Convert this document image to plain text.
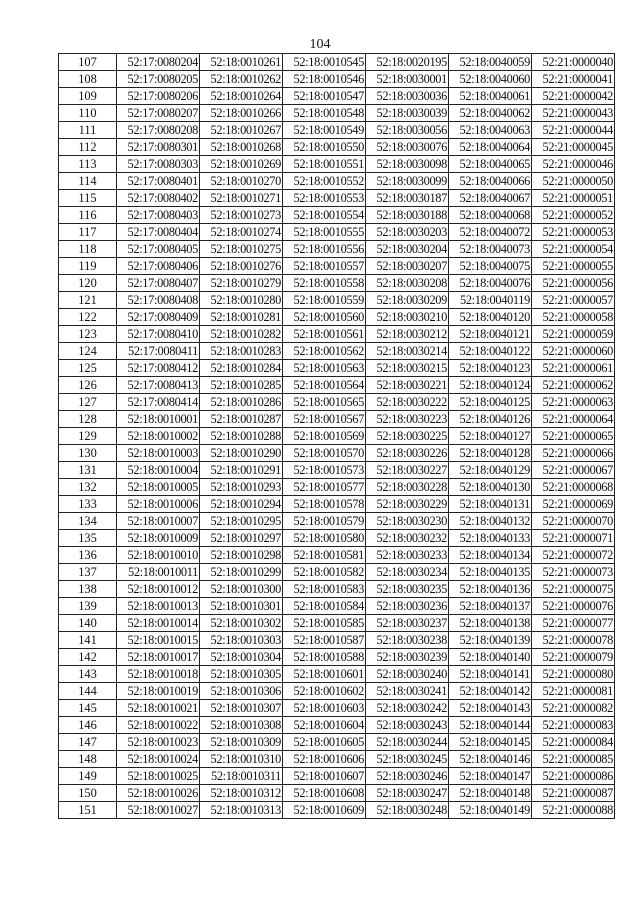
104
107	52:17:0080204	52:18:0010261	52:18:0010545	52:18:0020195	52:18:0040059	52:21:0000040
108	52:17:0080205	52:18:0010262	52:18:0010546	52:18:0030001	52:18:0040060	52:21:0000041
109	52:17:0080206	52:18:0010264	52:18:0010547	52:18:0030036	52:18:0040061	52:21:0000042
110	52:17:0080207	52:18:0010266	52:18:0010548	52:18:0030039	52:18:0040062	52:21:0000043
111	52:17:0080208	52:18:0010267	52:18:0010549	52:18:0030056	52:18:0040063	52:21:0000044
112	52:17:0080301	52:18:0010268	52:18:0010550	52:18:0030076	52:18:0040064	52:21:0000045
113	52:17:0080303	52:18:0010269	52:18:0010551	52:18:0030098	52:18:0040065	52:21:0000046
114	52:17:0080401	52:18:0010270	52:18:0010552	52:18:0030099	52:18:0040066	52:21:0000050
115	52:17:0080402	52:18:0010271	52:18:0010553	52:18:0030187	52:18:0040067	52:21:0000051
116	52:17:0080403	52:18:0010273	52:18:0010554	52:18:0030188	52:18:0040068	52:21:0000052
117	52:17:0080404	52:18:0010274	52:18:0010555	52:18:0030203	52:18:0040072	52:21:0000053
118	52:17:0080405	52:18:0010275	52:18:0010556	52:18:0030204	52:18:0040073	52:21:0000054
119	52:17:0080406	52:18:0010276	52:18:0010557	52:18:0030207	52:18:0040075	52:21:0000055
120	52:17:0080407	52:18:0010279	52:18:0010558	52:18:0030208	52:18:0040076	52:21:0000056
121	52:17:0080408	52:18:0010280	52:18:0010559	52:18:0030209	52:18:0040119	52:21:0000057
122	52:17:0080409	52:18:0010281	52:18:0010560	52:18:0030210	52:18:0040120	52:21:0000058
123	52:17:0080410	52:18:0010282	52:18:0010561	52:18:0030212	52:18:0040121	52:21:0000059
124	52:17:0080411	52:18:0010283	52:18:0010562	52:18:0030214	52:18:0040122	52:21:0000060
125	52:17:0080412	52:18:0010284	52:18:0010563	52:18:0030215	52:18:0040123	52:21:0000061
126	52:17:0080413	52:18:0010285	52:18:0010564	52:18:0030221	52:18:0040124	52:21:0000062
127	52:17:0080414	52:18:0010286	52:18:0010565	52:18:0030222	52:18:0040125	52:21:0000063
128	52:18:0010001	52:18:0010287	52:18:0010567	52:18:0030223	52:18:0040126	52:21:0000064
129	52:18:0010002	52:18:0010288	52:18:0010569	52:18:0030225	52:18:0040127	52:21:0000065
130	52:18:0010003	52:18:0010290	52:18:0010570	52:18:0030226	52:18:0040128	52:21:0000066
131	52:18:0010004	52:18:0010291	52:18:0010573	52:18:0030227	52:18:0040129	52:21:0000067
132	52:18:0010005	52:18:0010293	52:18:0010577	52:18:0030228	52:18:0040130	52:21:0000068
133	52:18:0010006	52:18:0010294	52:18:0010578	52:18:0030229	52:18:0040131	52:21:0000069
134	52:18:0010007	52:18:0010295	52:18:0010579	52:18:0030230	52:18:0040132	52:21:0000070
135	52:18:0010009	52:18:0010297	52:18:0010580	52:18:0030232	52:18:0040133	52:21:0000071
136	52:18:0010010	52:18:0010298	52:18:0010581	52:18:0030233	52:18:0040134	52:21:0000072
137	52:18:0010011	52:18:0010299	52:18:0010582	52:18:0030234	52:18:0040135	52:21:0000073
138	52:18:0010012	52:18:0010300	52:18:0010583	52:18:0030235	52:18:0040136	52:21:0000075
139	52:18:0010013	52:18:0010301	52:18:0010584	52:18:0030236	52:18:0040137	52:21:0000076
140	52:18:0010014	52:18:0010302	52:18:0010585	52:18:0030237	52:18:0040138	52:21:0000077
141	52:18:0010015	52:18:0010303	52:18:0010587	52:18:0030238	52:18:0040139	52:21:0000078
142	52:18:0010017	52:18:0010304	52:18:0010588	52:18:0030239	52:18:0040140	52:21:0000079
143	52:18:0010018	52:18:0010305	52:18:0010601	52:18:0030240	52:18:0040141	52:21:0000080
144	52:18:0010019	52:18:0010306	52:18:0010602	52:18:0030241	52:18:0040142	52:21:0000081
145	52:18:0010021	52:18:0010307	52:18:0010603	52:18:0030242	52:18:0040143	52:21:0000082
146	52:18:0010022	52:18:0010308	52:18:0010604	52:18:0030243	52:18:0040144	52:21:0000083
147	52:18:0010023	52:18:0010309	52:18:0010605	52:18:0030244	52:18:0040145	52:21:0000084
148	52:18:0010024	52:18:0010310	52:18:0010606	52:18:0030245	52:18:0040146	52:21:0000085
149	52:18:0010025	52:18:0010311	52:18:0010607	52:18:0030246	52:18:0040147	52:21:0000086
150	52:18:0010026	52:18:0010312	52:18:0010608	52:18:0030247	52:18:0040148	52:21:0000087
151	52:18:0010027	52:18:0010313	52:18:0010609	52:18:0030248	52:18:0040149	52:21:0000088
